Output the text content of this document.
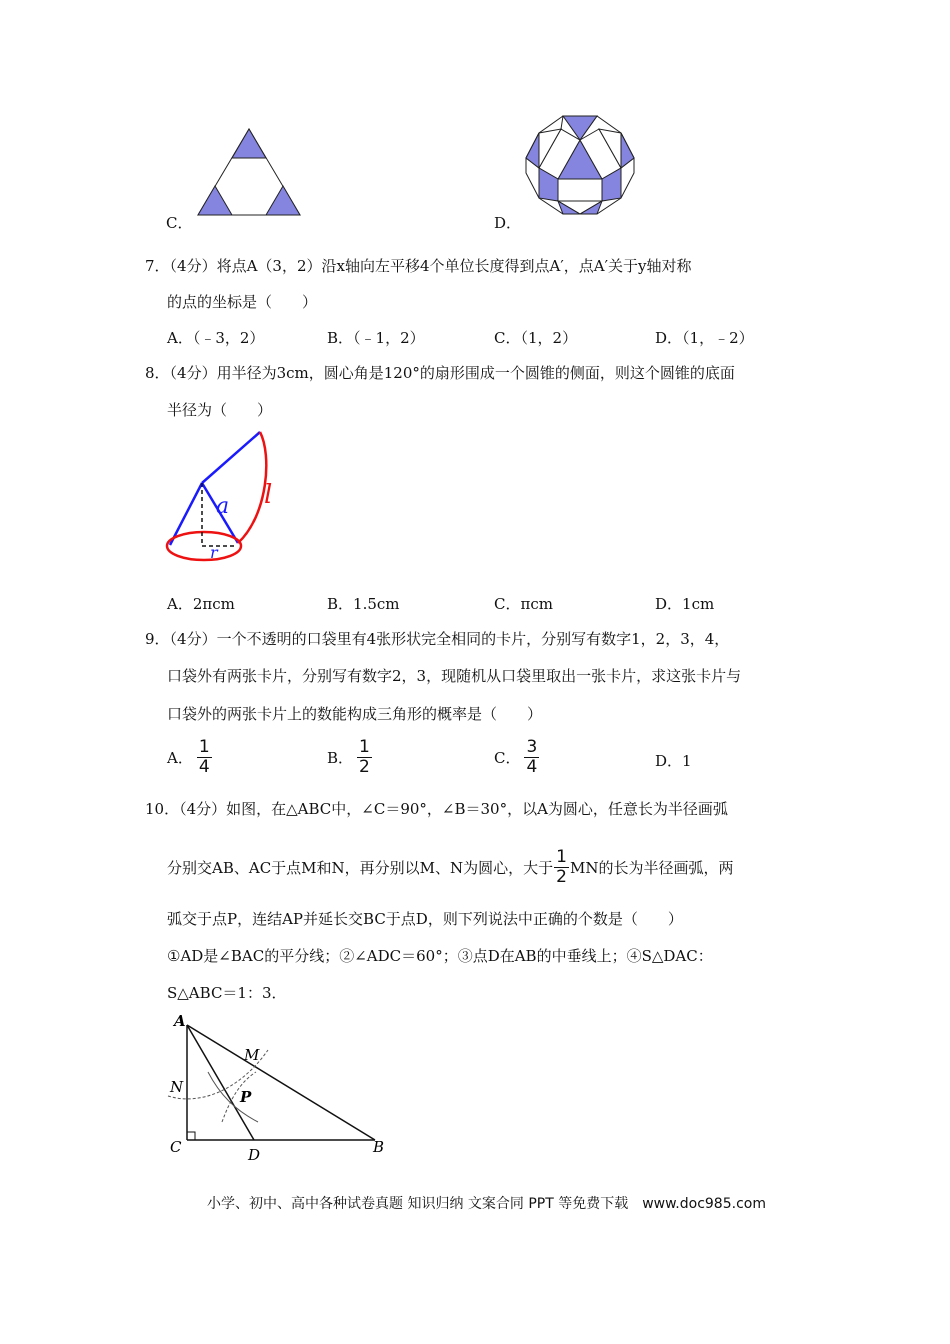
C．	D．
7．（4分）将点A（3，2）沿x轴向左平移4个单位长度得到点A′，点A′关于y轴对称
的点的坐标是（　　）
A．（﹣3，2）	B．（﹣1，2）	C．（1，2）	D．（1，﹣2）
8．（4分）用半径为3cm，圆心角是120°的扇形围成一个圆锥的侧面，则这个圆锥的底面
半径为（　　）
a l
r
A．2πcm	B．1.5cm	C．πcm	D．1cm
9．（4分）一个不透明的口袋里有4张形状完全相同的卡片，分别写有数字1，2，3，4，
口袋外有两张卡片，分别写有数字2，3，现随机从口袋里取出一张卡片，求这张卡片与
口袋外的两张卡片上的数能构成三角形的概率是（　　）
A． $\frac{1}{4}$	B． $\frac{1}{2}$	C． $\frac{3}{4}$	D．1
10．（4分）如图，在△ABC中，∠C＝90°，∠B＝30°，以A为圆心，任意长为半径画弧
分别交AB、AC于点M和N，再分别以M、N为圆心，大于 $\frac{1}{2}$ MN的长为半径画弧，两
弧交于点P，连结AP并延长交BC于点D，则下列说法中正确的个数是（　　）
①AD是∠BAC的平分线；②∠ADC＝60°；③点D在AB的中垂线上；④S△DAC：
S△ABC＝1：3．
A
M
N
P
C	D	B
小学、初中、高中各种试卷真题 知识归纳 文案合同 PPT 等免费下载　www.doc985.com
